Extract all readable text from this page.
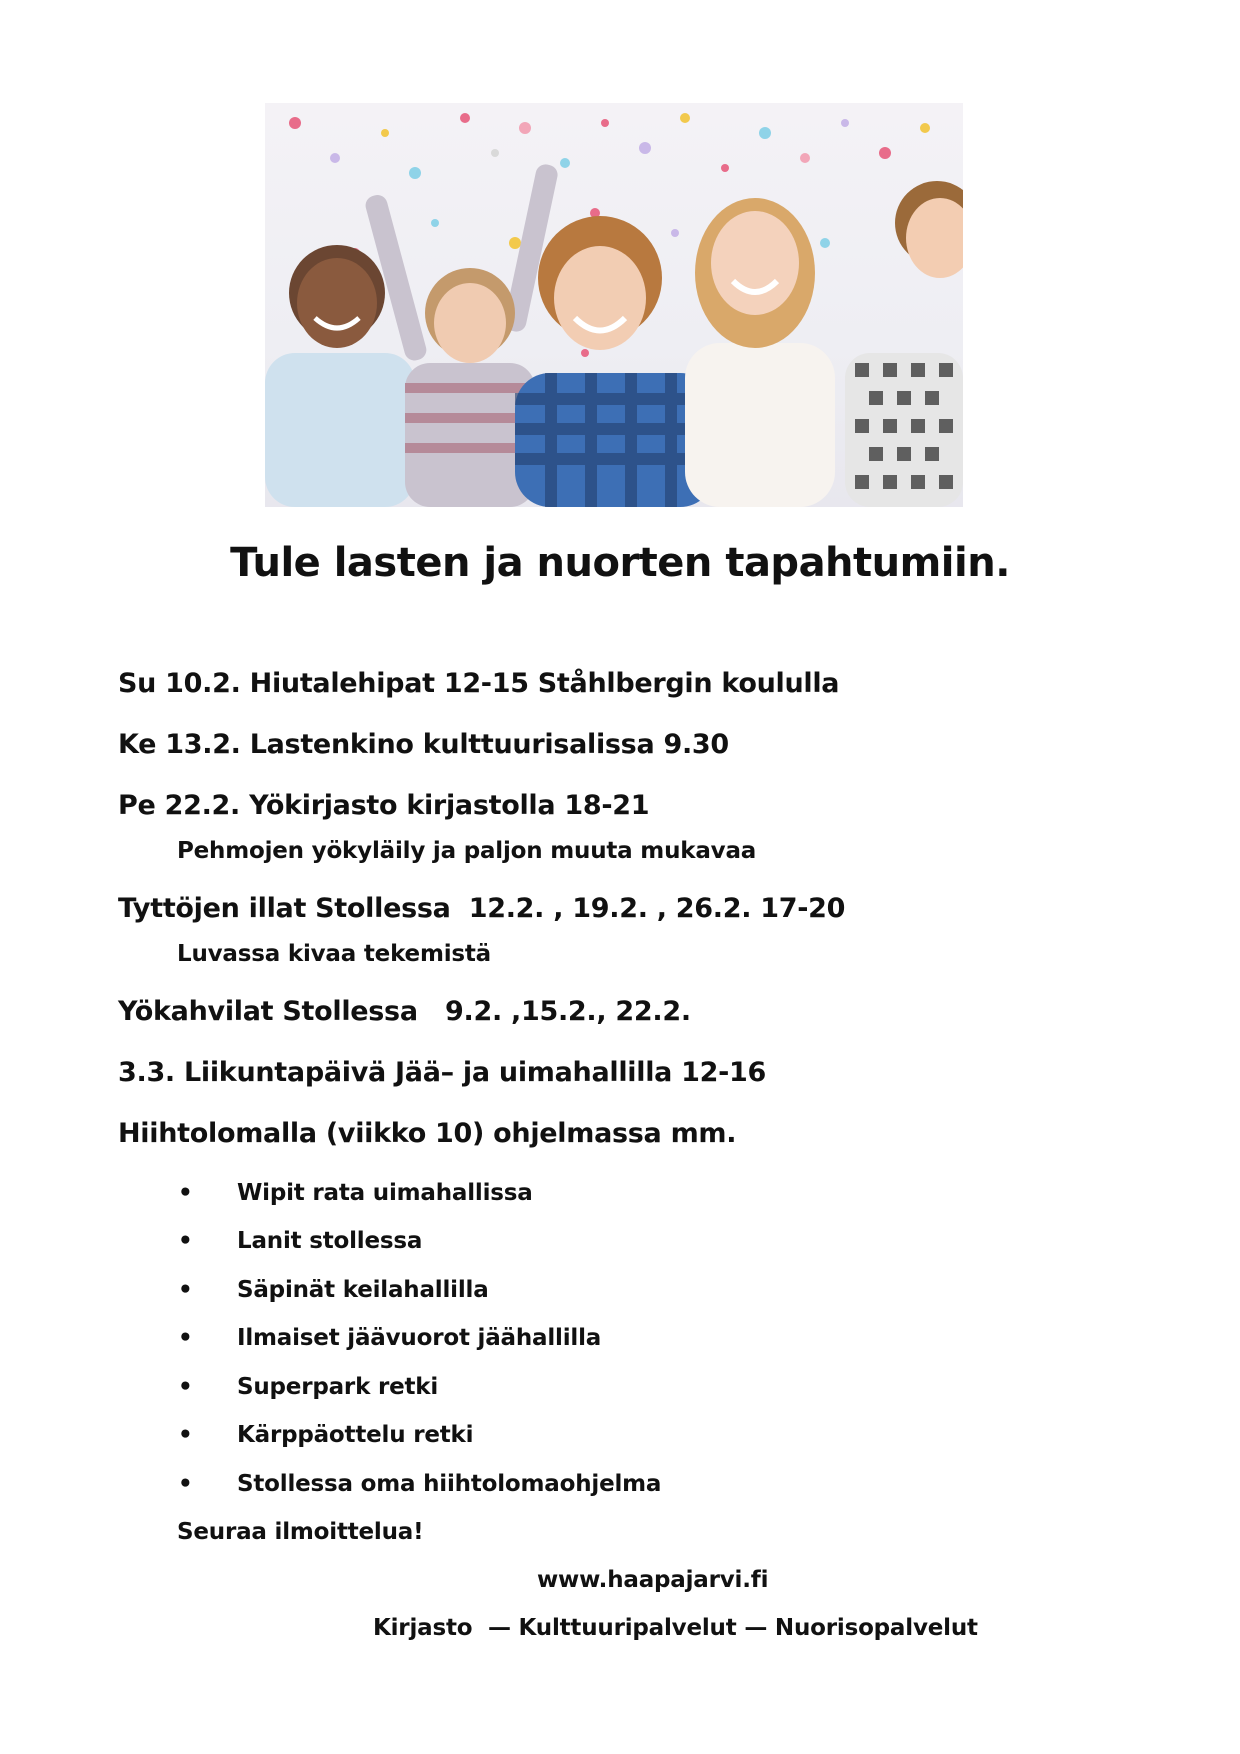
Tule lasten ja nuorten tapahtumiin.
Su 10.2. Hiutalehipat 12-15 Ståhlbergin koululla
Ke 13.2. Lastenkino kulttuurisalissa 9.30
Pe 22.2. Yökirjasto kirjastolla 18-21
Pehmojen yökyläily ja paljon muuta mukavaa
Tyttöjen illat Stollessa  12.2. , 19.2. , 26.2. 17-20
Luvassa kivaa tekemistä
Yökahvilat Stollessa   9.2. ,15.2., 22.2.
3.3. Liikuntapäivä Jää– ja uimahallilla 12-16
Hiihtolomalla (viikko 10) ohjelmassa mm.
• Wipit rata uimahallissa
• Lanit stollessa
• Säpinät keilahallilla
• Ilmaiset jäävuorot jäähallilla
• Superpark retki
• Kärppäottelu retki
• Stollessa oma hiihtolomaohjelma
Seuraa ilmoittelua!
www.haapajarvi.fi
Kirjasto  — Kulttuuripalvelut — Nuorisopalvelut
